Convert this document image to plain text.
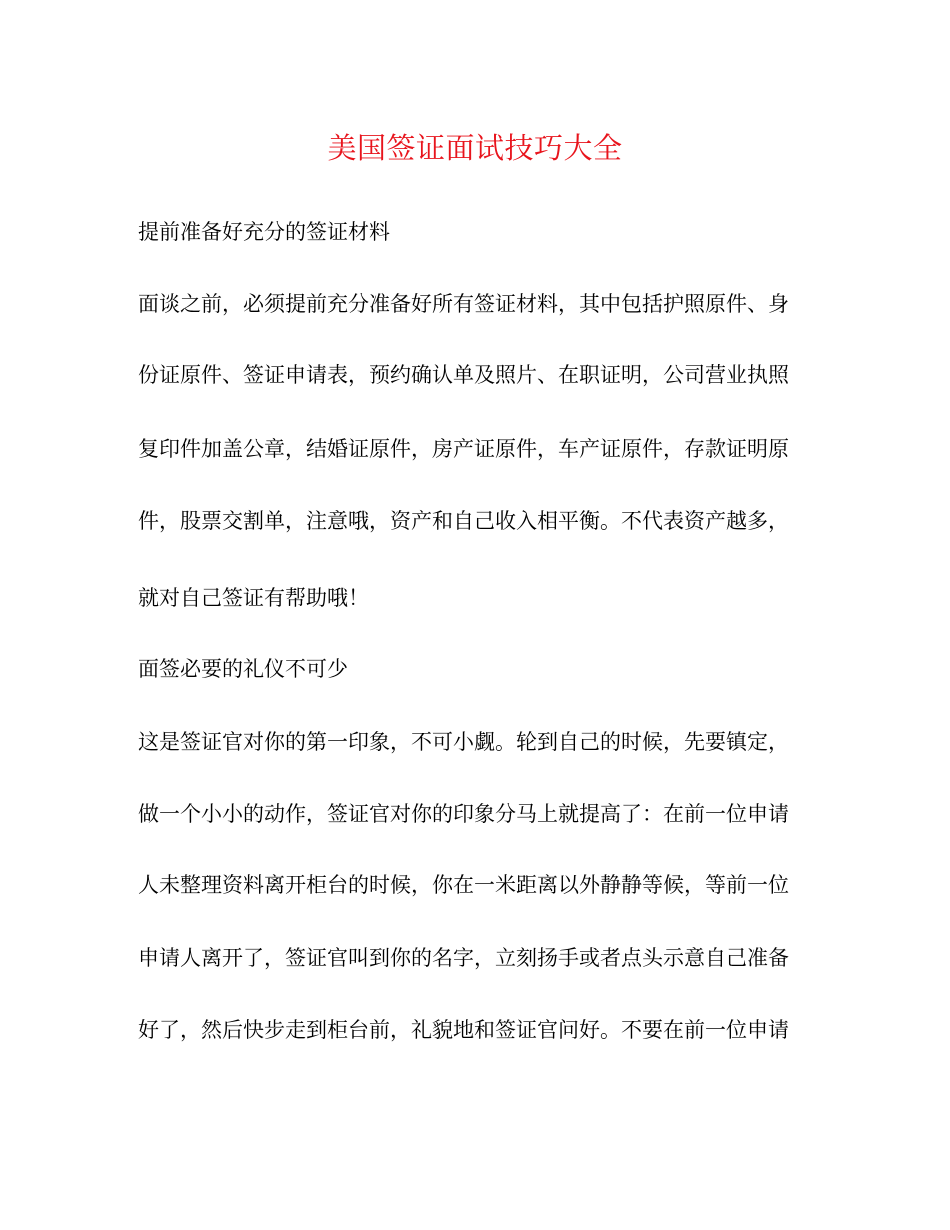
美国签证面试技巧大全
提前准备好充分的签证材料
面谈之前，必须提前充分准备好所有签证材料，其中包括护照原件、身
份证原件、签证申请表，预约确认单及照片、在职证明，公司营业执照
复印件加盖公章，结婚证原件，房产证原件，车产证原件，存款证明原
件，股票交割单，注意哦，资产和自己收入相平衡。不代表资产越多，
就对自己签证有帮助哦！
面签必要的礼仪不可少
这是签证官对你的第一印象，不可小觑。轮到自己的时候，先要镇定，
做一个小小的动作，签证官对你的印象分马上就提高了：在前一位申请
人未整理资料离开柜台的时候，你在一米距离以外静静等候，等前一位
申请人离开了，签证官叫到你的名字，立刻扬手或者点头示意自己准备
好了，然后快步走到柜台前，礼貌地和签证官问好。不要在前一位申请
